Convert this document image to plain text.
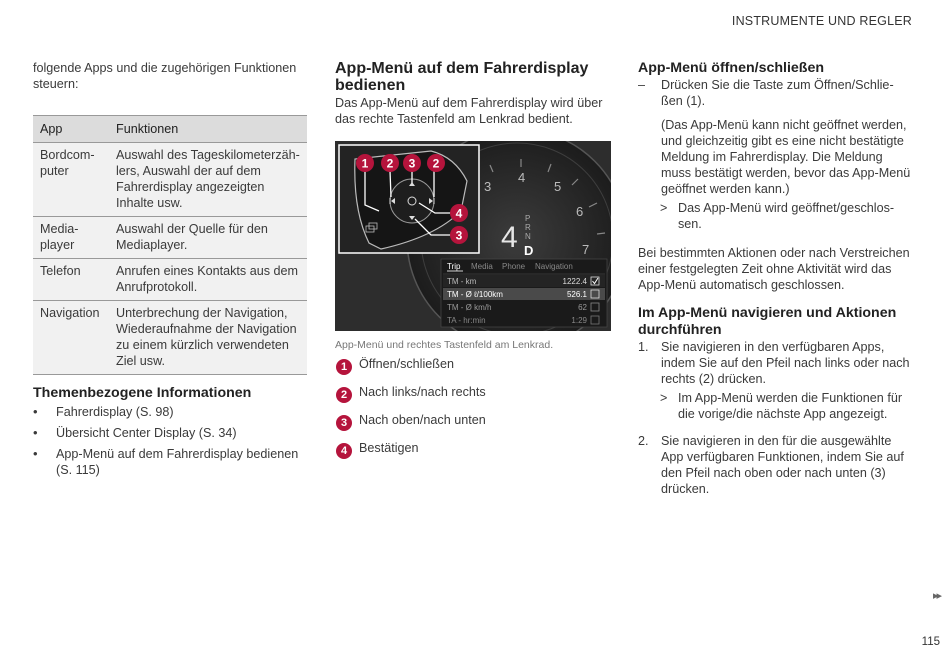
INSTRUMENTE UND REGLER

folgende Apps und die zugehörigen Funktionen steuern:

App	Funktionen
Bordcom-
puter	Auswahl des Tageskilometerzäh-
lers, Auswahl der auf dem
Fahrerdisplay angezeigten
Inhalte usw.
Media-
player	Auswahl der Quelle für den
Mediaplayer.
Telefon	Anrufen eines Kontakts aus dem
Anrufprotokoll.
Navigation	Unterbrechung der Navigation,
Wiederaufnahme der Navigation
zu einem kürzlich verwendeten
Ziel usw.
Themenbezogene Informationen
• Fahrerdisplay (S. 98)
• Übersicht Center Display (S. 34)
• App-Menü auf dem Fahrerdisplay bedienen
(S. 115)
App-Menü auf dem Fahrerdisplay
bedienen

Das App-Menü auf dem Fahrerdisplay wird über das rechte Tastenfeld am Lenkrad bedient.

3
4
5
6
7
4
P
R
N
D
Trip Media Phone Navigation
TM - km	1222.4
TM - Ø ℓ/100km	526.1
TM - Ø km/h	62
TA - hr:min	1:29
1 2 3 2
4
3
App-Menü und rechtes Tastenfeld am Lenkrad.
1 Öffnen/schließen
2 Nach links/nach rechts
3 Nach oben/nach unten
4 Bestätigen
App-Menü öffnen/schließen
– Drücken Sie die Taste zum Öffnen/Schlie-
ßen (1).

(Das App-Menü kann nicht geöffnet werden, und gleichzeitig gibt es eine nicht bestätigte Meldung im Fahrerdisplay. Die Meldung muss bestätigt werden, bevor das App-Menü geöffnet werden kann.)

> Das App-Menü wird geöffnet/geschlos-
sen.

Bei bestimmten Aktionen oder nach Verstreichen einer festgelegten Zeit ohne Aktivität wird das App-Menü automatisch geschlossen.

Im App-Menü navigieren und Aktionen durchführen
1. Sie navigieren in den verfügbaren Apps, indem Sie auf den Pfeil nach links oder nach rechts (2) drücken.
> Im App-Menü werden die Funktionen für die vorige/die nächste App angezeigt.
2. Sie navigieren in den für die ausgewählte App verfügbaren Funktionen, indem Sie auf den Pfeil nach oben oder nach unten (3) drücken.
▸▸
115
